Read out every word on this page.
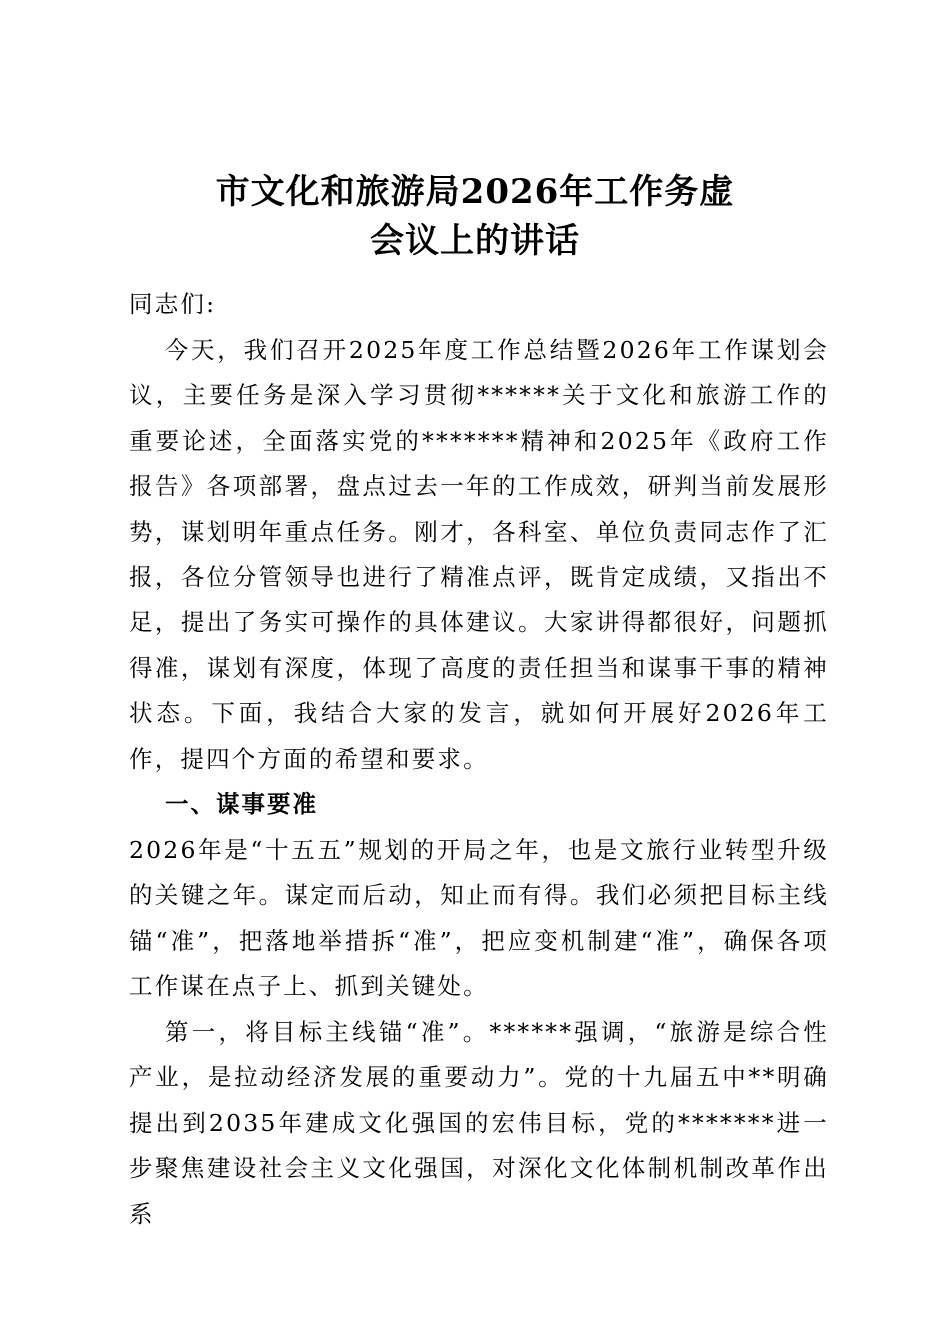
市文化和旅游局2026年工作务虚
会议上的讲话

同志们:

今天，我们召开2025年度工作总结暨2026年工作谋划会议，主要任务是深入学习贯彻******关于文化和旅游工作的重要论述，全面落实党的*******精神和2025年《政府工作报告》各项部署，盘点过去一年的工作成效，研判当前发展形势，谋划明年重点任务。刚才，各科室、单位负责同志作了汇报，各位分管领导也进行了精准点评，既肯定成绩，又指出不足，提出了务实可操作的具体建议。大家讲得都很好，问题抓得准，谋划有深度，体现了高度的责任担当和谋事干事的精神状态。下面，我结合大家的发言，就如何开展好2026年工作，提四个方面的希望和要求。

一、谋事要准

2026年是“十五五”规划的开局之年，也是文旅行业转型升级的关键之年。谋定而后动，知止而有得。我们必须把目标主线锚“准”，把落地举措拆“准”，把应变机制建“准”，确保各项工作谋在点子上、抓到关键处。

第一，将目标主线锚“准”。******强调，“旅游是综合性产业，是拉动经济发展的重要动力”。党的十九届五中**明确提出到2035年建成文化强国的宏伟目标，党的*******进一步聚焦建设社会主义文化强国，对深化文化体制机制改革作出系
